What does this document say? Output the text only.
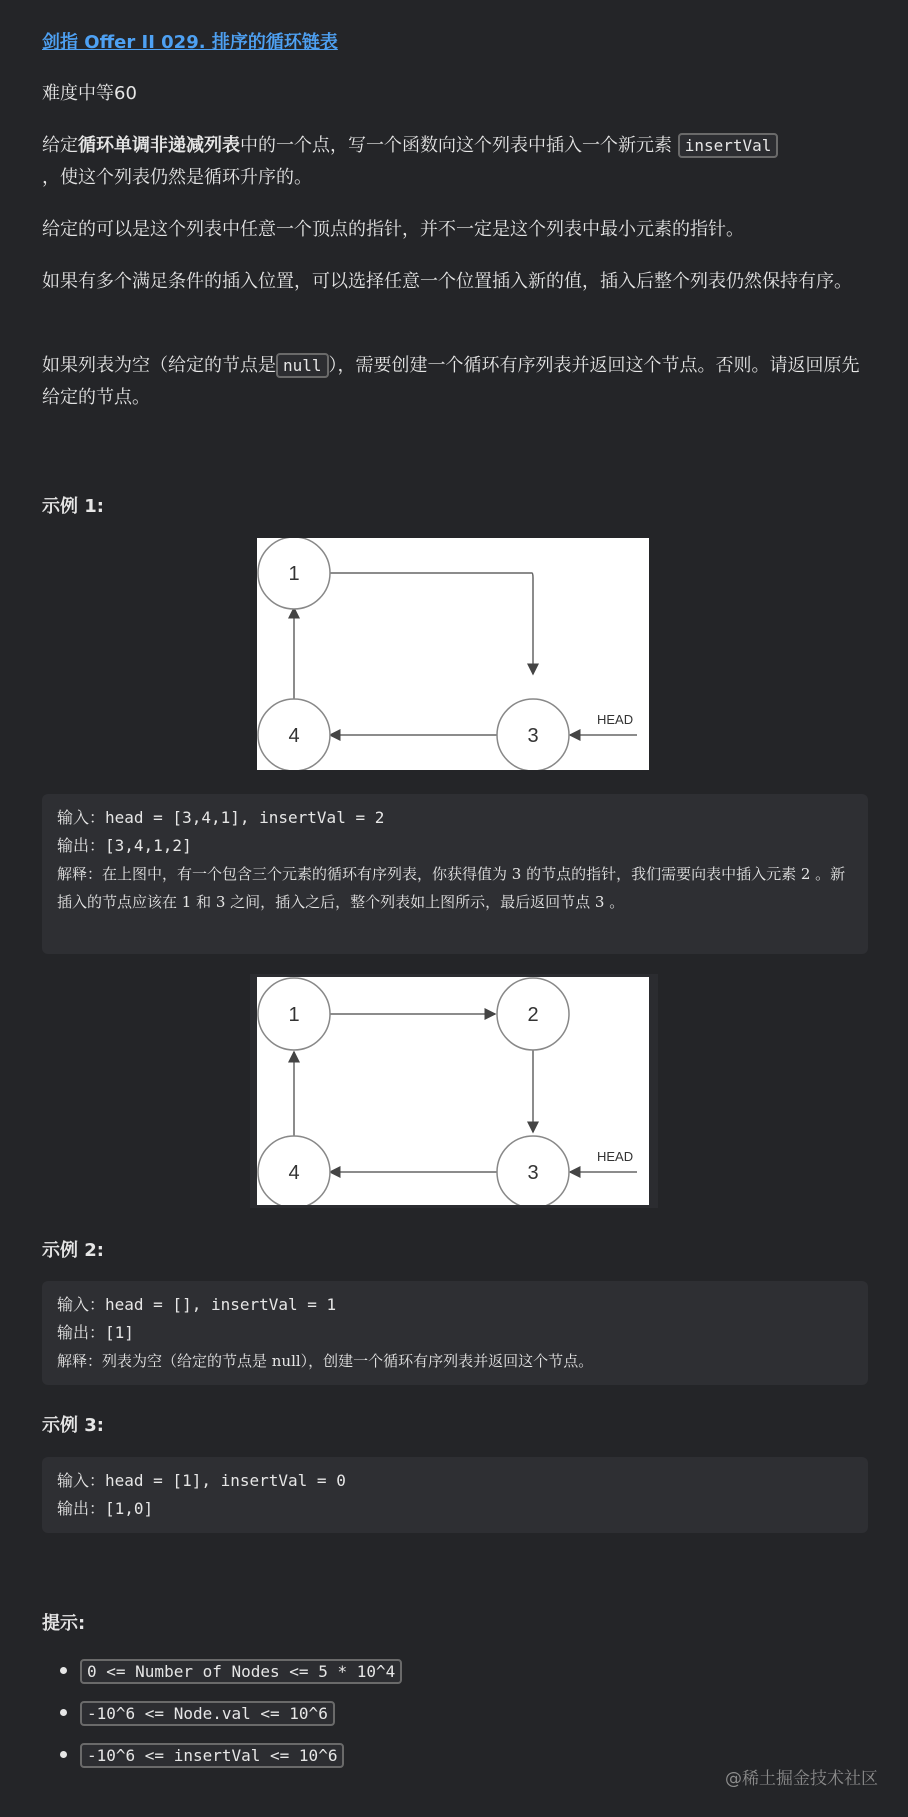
剑指 Offer II 029. 排序的循环链表
难度中等60
给定循环单调非递减列表中的一个点，写一个函数向这个列表中插入一个新元素 insertVal
，使这个列表仍然是循环升序的。
给定的可以是这个列表中任意一个顶点的指针，并不一定是这个列表中最小元素的指针。
如果有多个满足条件的插入位置，可以选择任意一个位置插入新的值，插入后整个列表仍然保持有序。
如果列表为空（给定的节点是 null ），需要创建一个循环有序列表并返回这个节点。否则。请返回原先给定的节点。
示例 1:
1
4	3
HEAD
输入：head = [3,4,1], insertVal = 2
输出：[3,4,1,2]
解释：在上图中，有一个包含三个元素的循环有序列表，你获得值为 3 的节点的指针，我们需要向表中插入元素 2 。新插入的节点应该在 1 和 3 之间，插入之后，整个列表如上图所示，最后返回节点 3 。
1	2
4	3
HEAD
示例 2:
输入：head = [], insertVal = 1
输出：[1]
解释：列表为空（给定的节点是 null），创建一个循环有序列表并返回这个节点。
示例 3:
输入：head = [1], insertVal = 0
输出：[1,0]
提示:
0 <= Number of Nodes <= 5 * 10^4
-10^6 <= Node.val <= 10^6
-10^6 <= insertVal <= 10^6
@稀土掘金技术社区
